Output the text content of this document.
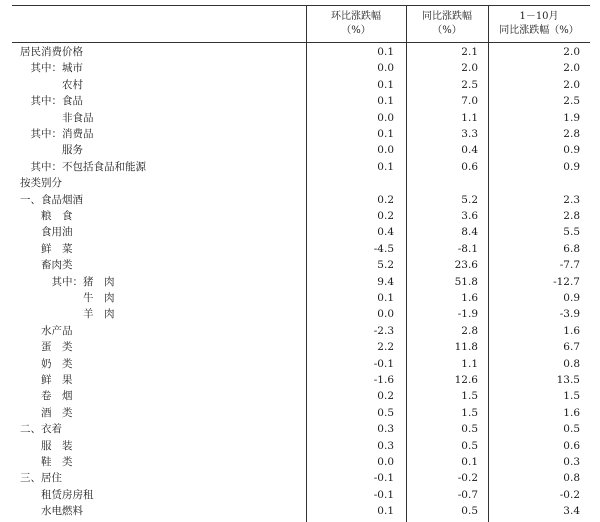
环比涨跌幅
（%）
同比涨跌幅
（%）
1－10月
同比涨跌幅（%）
居民消费价格	0.1	2.1	2.0
　其中：城市	0.0	2.0	2.0
　　　　农村	0.1	2.5	2.0
　其中：食品	0.1	7.0	2.5
　　　　非食品	0.0	1.1	1.9
　其中：消费品	0.1	3.3	2.8
　　　　服务	0.0	0.4	0.9
　其中：不包括食品和能源	0.1	0.6	0.9
按类别分
一、食品烟酒	0.2	5.2	2.3
　　粮　食	0.2	3.6	2.8
　　食用油	0.4	8.4	5.5
　　鲜　菜	-4.5	-8.1	6.8
　　畜肉类	5.2	23.6	-7.7
　　　其中：猪　肉	9.4	51.8	-12.7
　　　　　　牛　肉	0.1	1.6	0.9
　　　　　　羊　肉	0.0	-1.9	-3.9
　　水产品	-2.3	2.8	1.6
　　蛋　类	2.2	11.8	6.7
　　奶　类	-0.1	1.1	0.8
　　鲜　果	-1.6	12.6	13.5
　　卷　烟	0.2	1.5	1.5
　　酒　类	0.5	1.5	1.6
二、衣着	0.3	0.5	0.5
　　服　装	0.3	0.5	0.6
　　鞋　类	0.0	0.1	0.3
三、居住	-0.1	-0.2	0.8
　　租赁房房租	-0.1	-0.7	-0.2
　　水电燃料	0.1	0.5	3.4
